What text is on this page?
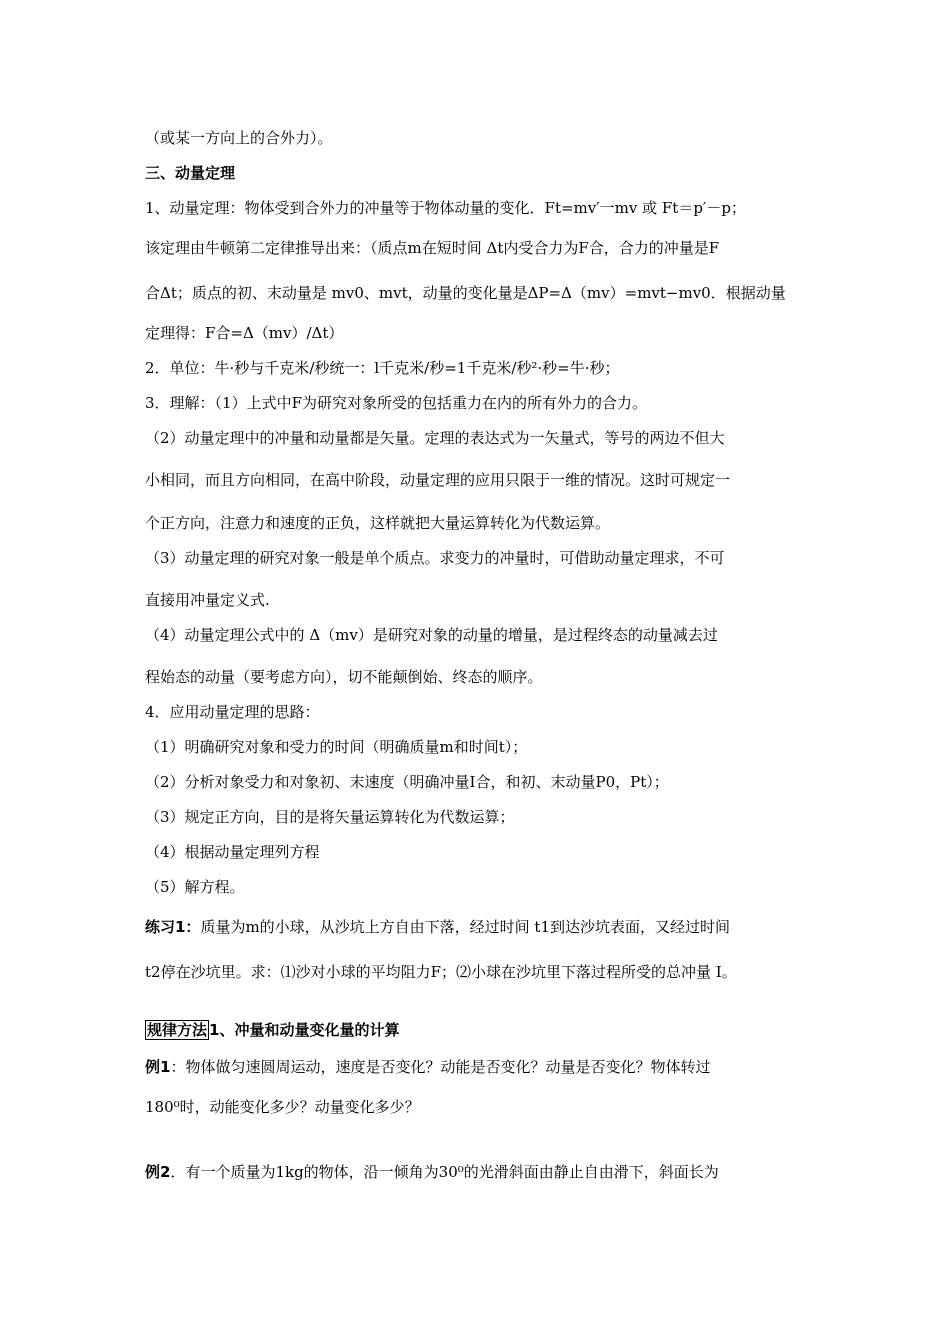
（或某一方向上的合外力）。
三、动量定理
1、动量定理：物体受到合外力的冲量等于物体动量的变化．Ft=mv′一mv 或 Ft＝p′－p；
该定理由牛顿第二定律推导出来：（质点m在短时间 Δt内受合力为F合，合力的冲量是F
合Δt；质点的初、末动量是 mv0、mvt，动量的变化量是ΔP=Δ（mv）=mvt−mv0．根据动量
定理得：F合=Δ（mv）/Δt）
2．单位：牛·秒与千克米/秒统一：l千克米/秒=1千克米/秒²·秒=牛·秒；
3．理解：（1）上式中F为研究对象所受的包括重力在内的所有外力的合力。
（2）动量定理中的冲量和动量都是矢量。定理的表达式为一矢量式，等号的两边不但大
小相同，而且方向相同，在高中阶段，动量定理的应用只限于一维的情况。这时可规定一
个正方向，注意力和速度的正负，这样就把大量运算转化为代数运算。
（3）动量定理的研究对象一般是单个质点。求变力的冲量时，可借助动量定理求，不可
直接用冲量定义式.
（4）动量定理公式中的 Δ（mv）是研究对象的动量的增量，是过程终态的动量减去过
程始态的动量（要考虑方向），切不能颠倒始、终态的顺序。
4．应用动量定理的思路：
（1）明确研究对象和受力的时间（明确质量m和时间t）；
（2）分析对象受力和对象初、末速度（明确冲量I合，和初、末动量P0，Pt）；
（3）规定正方向，目的是将矢量运算转化为代数运算；
（4）根据动量定理列方程
（5）解方程。
练习1：质量为m的小球，从沙坑上方自由下落，经过时间 t1到达沙坑表面，又经过时间
t2停在沙坑里。求：⑴沙对小球的平均阻力F；⑵小球在沙坑里下落过程所受的总冲量 I。
规律方法 1、冲量和动量变化量的计算
例1：物体做匀速圆周运动，速度是否变化？动能是否变化？动量是否变化？物体转过
180⁰时，动能变化多少？动量变化多少？
例2．有一个质量为1kg的物体，沿一倾角为30⁰的光滑斜面由静止自由滑下，斜面长为
